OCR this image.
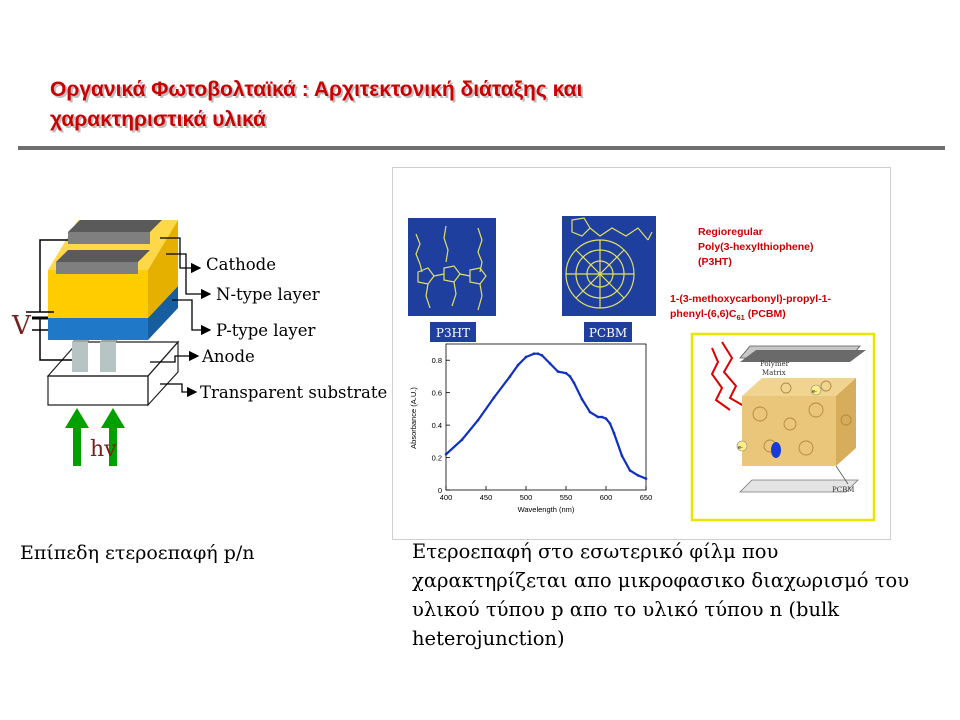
Οργανικά Φωτοβολταϊκά : Αρχιτεκτονική διάταξης και
χαρακτηριστικά υλικά
hv
V
Cathode
N-type layer
P-type layer
Anode
Transparent substrate
P3HT	PCBM
Regioregular
Poly(3-hexylthiophene)
(P3HT)
1-(3-methoxycarbonyl)-propyl-1-
phenyl-$(6,6)C_{61}$ (PCBM)
Polymer
Matrix
e-
e-
PCBM
400	450	500	550	600	650
0
0.2
0.4
0.6
0.8
Wavelength (nm)
Absorbance (A.U.)
Επίπεδη ετεροεπαφή p/n	Ετεροεπαφή στο εσωτερικό φίλμ που χαρακτηρίζεται απο μικροφασικο διαχωρισμό του υλικού τύπου p απο το υλικό τύπου n (bulk heterojunction)
